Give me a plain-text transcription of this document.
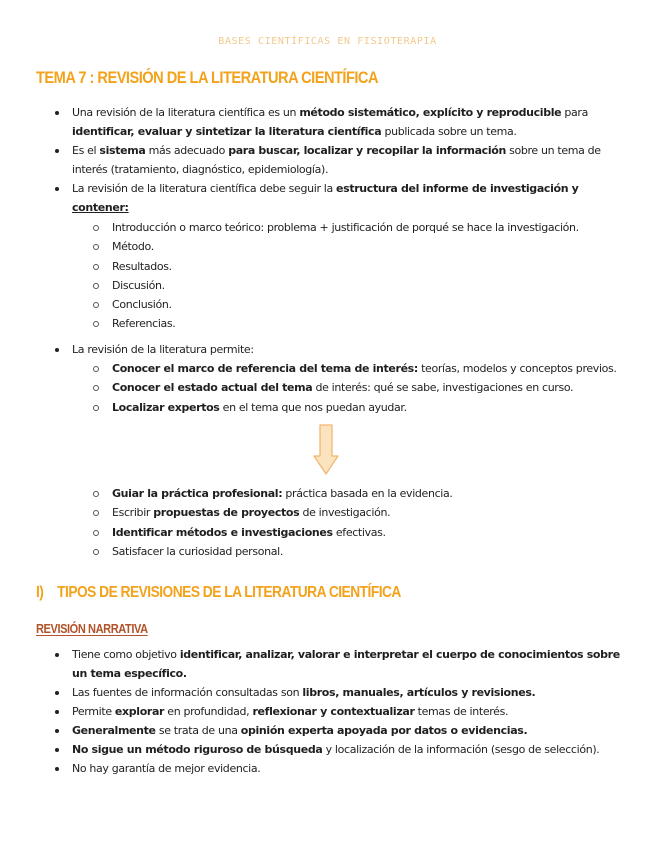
BASES CIENTÍFICAS EN FISIOTERAPIA
TEMA 7 : REVISIÓN DE LA LITERATURA CIENTÍFICA
Una revisión de la literatura científica es un método sistemático, explícito y reproducible para identificar, evaluar y sintetizar la literatura científica publicada sobre un tema.
Es el sistema más adecuado para buscar, localizar y recopilar la información sobre un tema de interés (tratamiento, diagnóstico, epidemiología).
La revisión de la literatura científica debe seguir la estructura del informe de investigación y contener:
Introducción o marco teórico: problema + justificación de porqué se hace la investigación.
Método.
Resultados.
Discusión.
Conclusión.
Referencias.
La revisión de la literatura permite:
Conocer el marco de referencia del tema de interés: teorías, modelos y conceptos previos.
Conocer el estado actual del tema de interés: qué se sabe, investigaciones en curso.
Localizar expertos en el tema que nos puedan ayudar.
Guiar la práctica profesional: práctica basada en la evidencia.
Escribir propuestas de proyectos de investigación.
Identificar métodos e investigaciones efectivas.
Satisfacer la curiosidad personal.
I) TIPOS DE REVISIONES DE LA LITERATURA CIENTÍFICA
REVISIÓN NARRATIVA
Tiene como objetivo identificar, analizar, valorar e interpretar el cuerpo de conocimientos sobre un tema específico.
Las fuentes de información consultadas son libros, manuales, artículos y revisiones.
Permite explorar en profundidad, reflexionar y contextualizar temas de interés.
Generalmente se trata de una opinión experta apoyada por datos o evidencias.
No sigue un método riguroso de búsqueda y localización de la información (sesgo de selección).
No hay garantía de mejor evidencia.
